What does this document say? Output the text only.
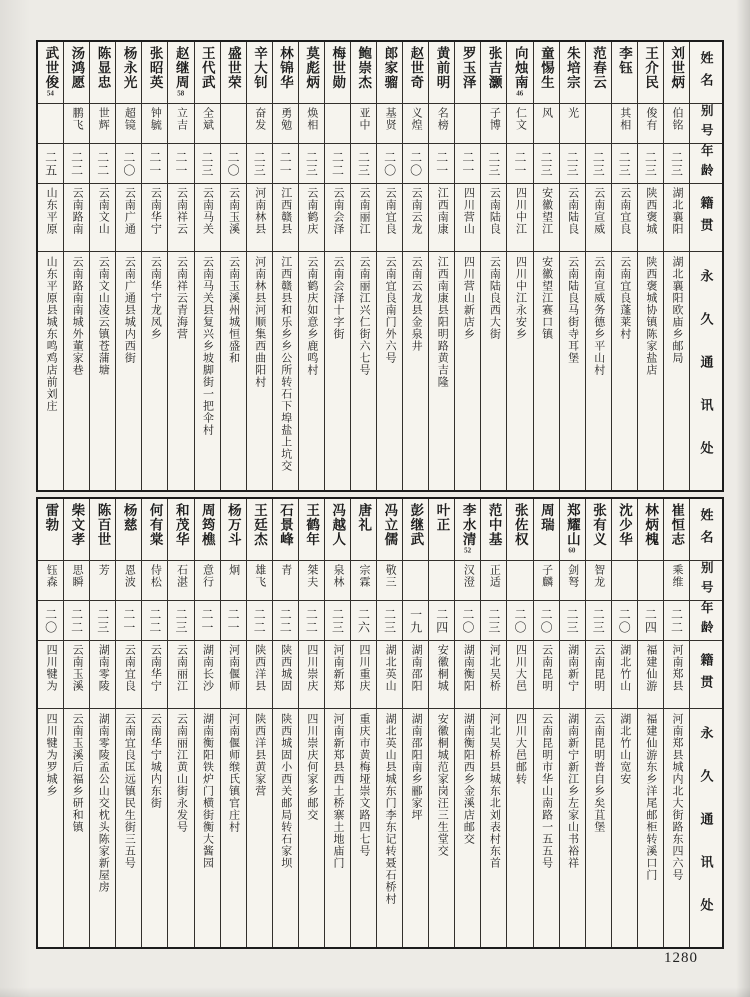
姓名
别号
年龄
籍贯
永久通讯处
刘世炳
伯铭
二三
湖北襄阳
湖北襄阳欧庙乡邮局
王介民
俊有
二三
陕西褒城
陕西褒城协镇陈家盐店
李钰
其相
二三
云南宜良
云南宜良蓬莱村
范春云
二三
云南宣威
云南宣威务德乡平山村
朱培宗
光
二三
云南陆良
云南陆良马街寺耳堡
童惕生
风
二三
安徽望江
安徽望江赛口镇
向烛南46
仁文
二一
四川中江
四川中江永安乡
张吉灏
子博
二三
云南陆良
云南陆良西大街
罗玉泽
二一
四川营山
四川营山新店乡
黄前明
名榜
二一
江西南康
江西南康县阳明路黄吉隆
赵世奇
义煌
二〇
云南云龙
云南云龙县金泉井
郎家骝
基贤
二〇
云南宜良
云南宜良南门外六号
鲍崇杰
亚中
二三
云南丽江
云南丽江兴仁街六七号
梅世勋
二二
云南会泽
云南会泽十字街
莫彪炳
焕相
二三
云南鹤庆
云南鹤庆如意乡鹿鸣村
林锦华
勇勉
二一
江西赣县
江西赣县和乐乡乡公所转石下埠盐上坑交
辛大钊
奋发
二三
河南林县
河南林县河顺集西曲阳村
盛世荣
二〇
云南玉溪
云南玉溪州城恒盛和
王代武
全斌
二三
云南马关
云南马关县复兴乡坡脚街一把伞村
赵继周58
立吉
二一
云南祥云
云南祥云青海营
张昭英
钟毓
二一
云南华宁
云南华宁龙凤乡
杨永光
超镜
二〇
云南广通
云南广通县城内西街
陈显忠
世辉
二二
云南文山
云南文山凌云镇苍蒲塘
汤鸿愿
鹏飞
二二
云南路南
云南路南南城外董家巷
武世俊54
二五
山东平原
山东平原县城东鸣鸡店前刘庄
姓名
别号
年龄
籍贯
永久通讯处
崔恒志
乘维
二二
河南郑县
河南郑县城内北大街路东四六号
林炳槐
二四
福建仙游
福建仙游东乡洋尾邮柜转溪口门
沈少华
二〇
湖北竹山
湖北竹山宽安
张有义
智龙
二三
云南昆明
云南昆明普自乡矣苴堡
郑耀山60
剑弩
二三
湖南新宁
湖南新宁新江乡左家山书裕祥
周瑞
子麟
二〇
云南昆明
云南昆明市华山南路一五五号
张佐权
二〇
四川大邑
四川大邑邮转
范中基
正适
二三
河北吴桥
河北吴桥县城东北刘表村东首
李水清52
汉澄
二〇
湖南衡阳
湖南衡阳西乡金溪店邮交
叶正
二四
安徽桐城
安徽桐城范家岗汪三生堂交
彭继武
一九
湖南邵阳
湖南邵阳南乡郦家坪
冯立儒
敬三
二三
湖北英山
湖北英山县城东门李东记转聂石桥村
唐礼
宗霖
二六
四川重庆
重庆市黄梅垭崇文路四七号
冯越人
泉林
二三
河南新郑
河南新郑县西土桥寨土地庙门
王鹤年
桀夫
二二
四川崇庆
四川崇庆何家乡邮交
石景峰
青
二二
陕西城固
陕西城固小西关邮局转石家坝
王廷杰
雄飞
二二
陕西洋县
陕西洋县黄家营
杨万斗
炯
二一
河南偃师
河南偃师缑氏镇官庄村
周筠樵
意行
二一
湖南长沙
湖南衡阳铁炉门横街衡大酱园
和茂华
石湛
二三
云南丽江
云南丽江黄山街永发号
何有棠
侍松
二二
云南华宁
云南华宁城内东街
杨慈
恩波
二一
云南宜良
云南宜良匡远镇民生街三五号
陈百世
芳
二三
湖南零陵
湖南零陵孟公山交枕头陈家新屋房
柴文孝
思瞬
二二
云南玉溪
云南玉溪后福乡研和镇
雷勃
钰森
二〇
四川犍为
四川犍为罗城乡
1280
